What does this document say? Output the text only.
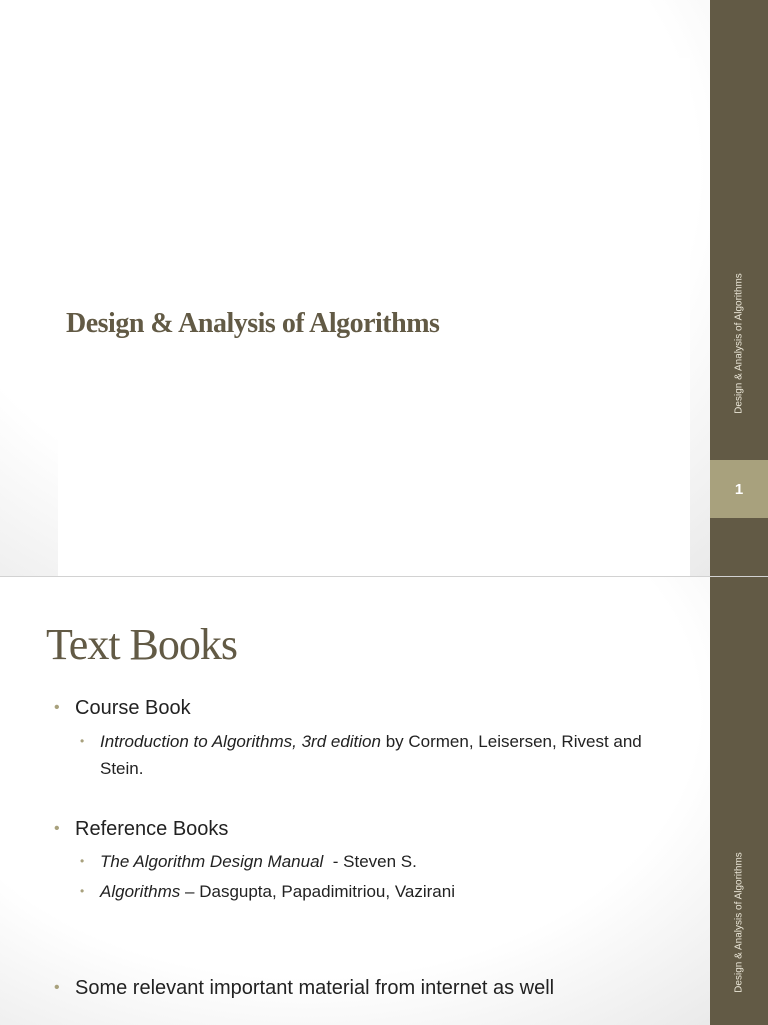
Design & Analysis of Algorithms	Design & Analysis of Algorithms
1
Text Books
• Course Book
• Introduction to Algorithms, 3rd edition by Cormen, Leisersen, Rivest and Stein.
• Reference Books
• The Algorithm Design Manual  - Steven S.
• Algorithms – Dasgupta, Papadimitriou, Vazirani
• Some relevant important material from internet as well	Design & Analysis of Algorithms
